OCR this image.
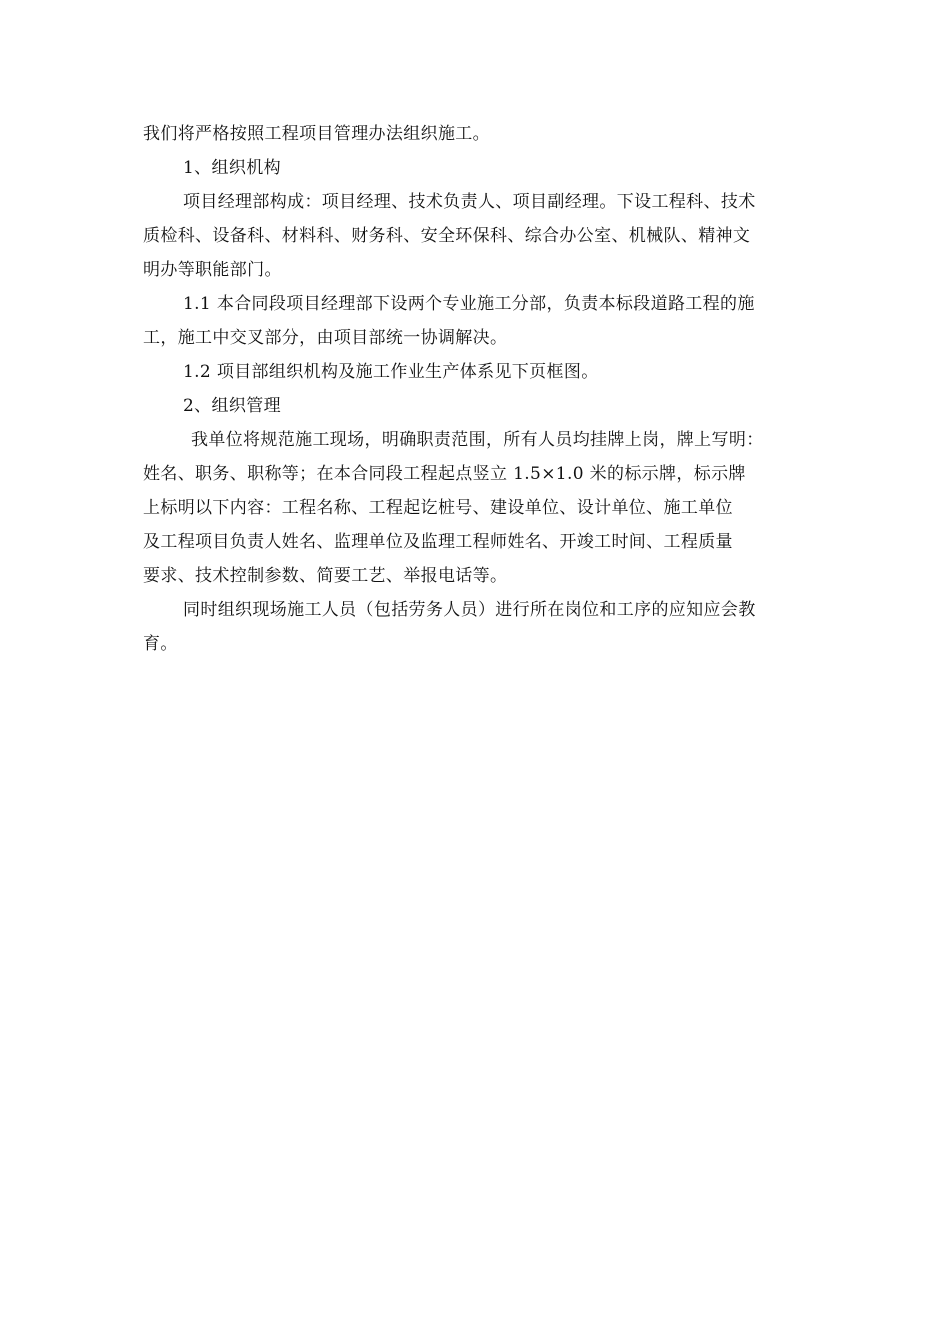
我们将严格按照工程项目管理办法组织施工。
1、组织机构
项目经理部构成：项目经理、技术负责人、项目副经理。下设工程科、技术
质检科、设备科、材料科、财务科、安全环保科、综合办公室、机械队、精神文
明办等职能部门。
1.1 本合同段项目经理部下设两个专业施工分部，负责本标段道路工程的施
工，施工中交叉部分，由项目部统一协调解决。
1.2 项目部组织机构及施工作业生产体系见下页框图。
2、组织管理
我单位将规范施工现场，明确职责范围，所有人员均挂牌上岗，牌上写明：
姓名、职务、职称等；在本合同段工程起点竖立 1.5×1.0 米的标示牌，标示牌
上标明以下内容：工程名称、工程起讫桩号、建设单位、设计单位、施工单位
及工程项目负责人姓名、监理单位及监理工程师姓名、开竣工时间、工程质量
要求、技术控制参数、简要工艺、举报电话等。
同时组织现场施工人员（包括劳务人员）进行所在岗位和工序的应知应会教
育。
